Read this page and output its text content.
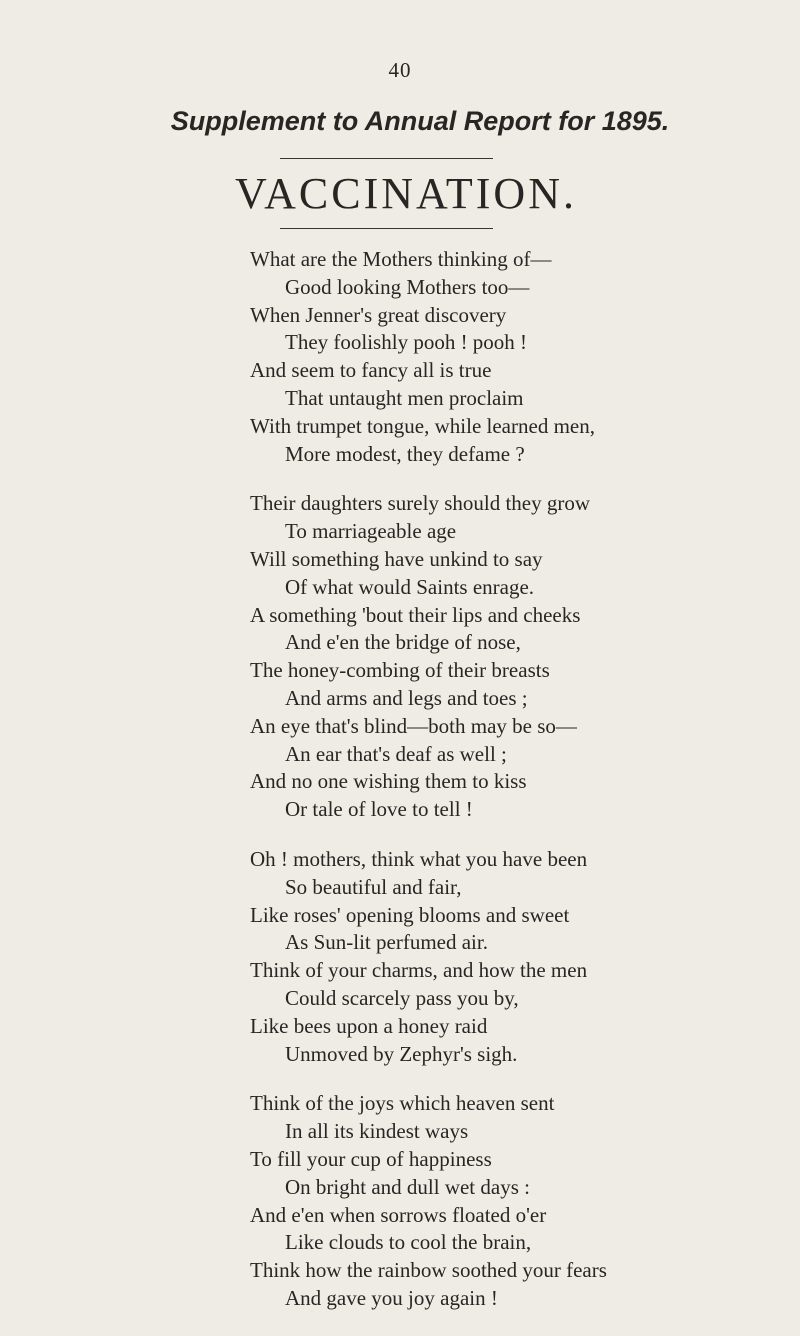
40
Supplement to Annual Report for 1895.
VACCINATION.
What are the Mothers thinking of—
Good looking Mothers too—
When Jenner's great discovery
They foolishly pooh ! pooh !
And seem to fancy all is true
That untaught men proclaim
With trumpet tongue, while learned men,
More modest, they defame ?
Their daughters surely should they grow
To marriageable age
Will something have unkind to say
Of what would Saints enrage.
A something 'bout their lips and cheeks
And e'en the bridge of nose,
The honey-combing of their breasts
And arms and legs and toes ;
An eye that's blind—both may be so—
An ear that's deaf as well ;
And no one wishing them to kiss
Or tale of love to tell !
Oh ! mothers, think what you have been
So beautiful and fair,
Like roses' opening blooms and sweet
As Sun-lit perfumed air.
Think of your charms, and how the men
Could scarcely pass you by,
Like bees upon a honey raid
Unmoved by Zephyr's sigh.
Think of the joys which heaven sent
In all its kindest ways
To fill your cup of happiness
On bright and dull wet days :
And e'en when sorrows floated o'er
Like clouds to cool the brain,
Think how the rainbow soothed your fears
And gave you joy again !
